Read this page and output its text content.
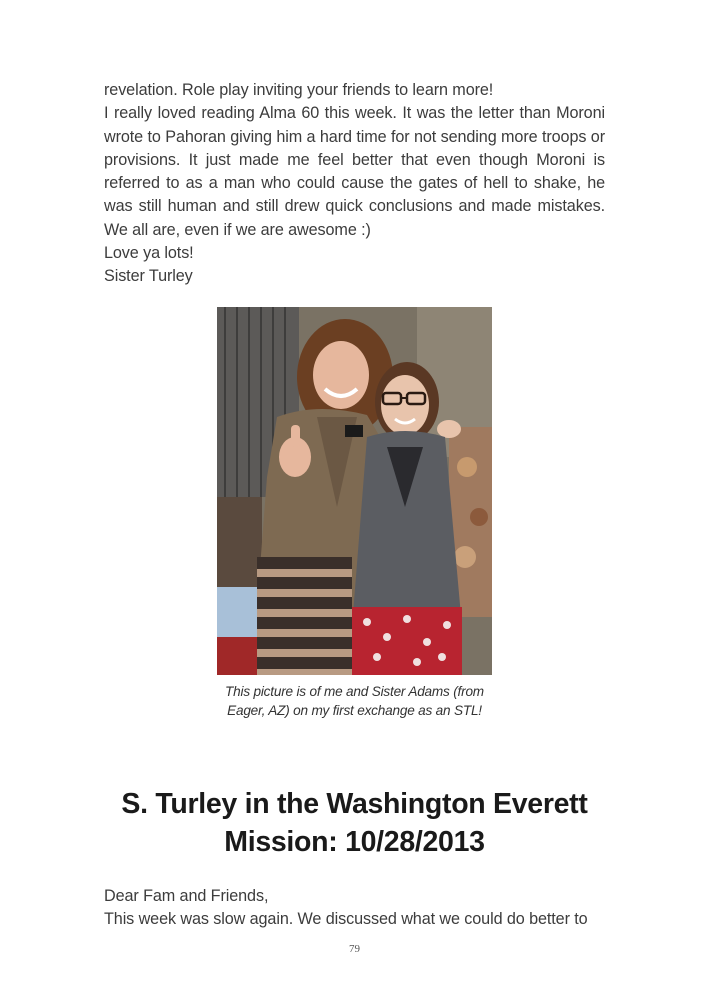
revelation. Role play inviting your friends to learn more!

I really loved reading Alma 60 this week. It was the letter than Moroni wrote to Pahoran giving him a hard time for not sending more troops or provisions. It just made me feel better that even though Moroni is referred to as a man who could cause the gates of hell to shake, he was still human and still drew quick conclusions and made mistakes. We all are, even if we are awesome :)

Love ya lots!

Sister Turley

This picture is of me and Sister Adams (from

Eager, AZ) on my first exchange as an STL!

S. Turley in the Washington Everett
Mission: 10/28/2013

Dear Fam and Friends,

This week was slow again. We discussed what we could do better to

79
